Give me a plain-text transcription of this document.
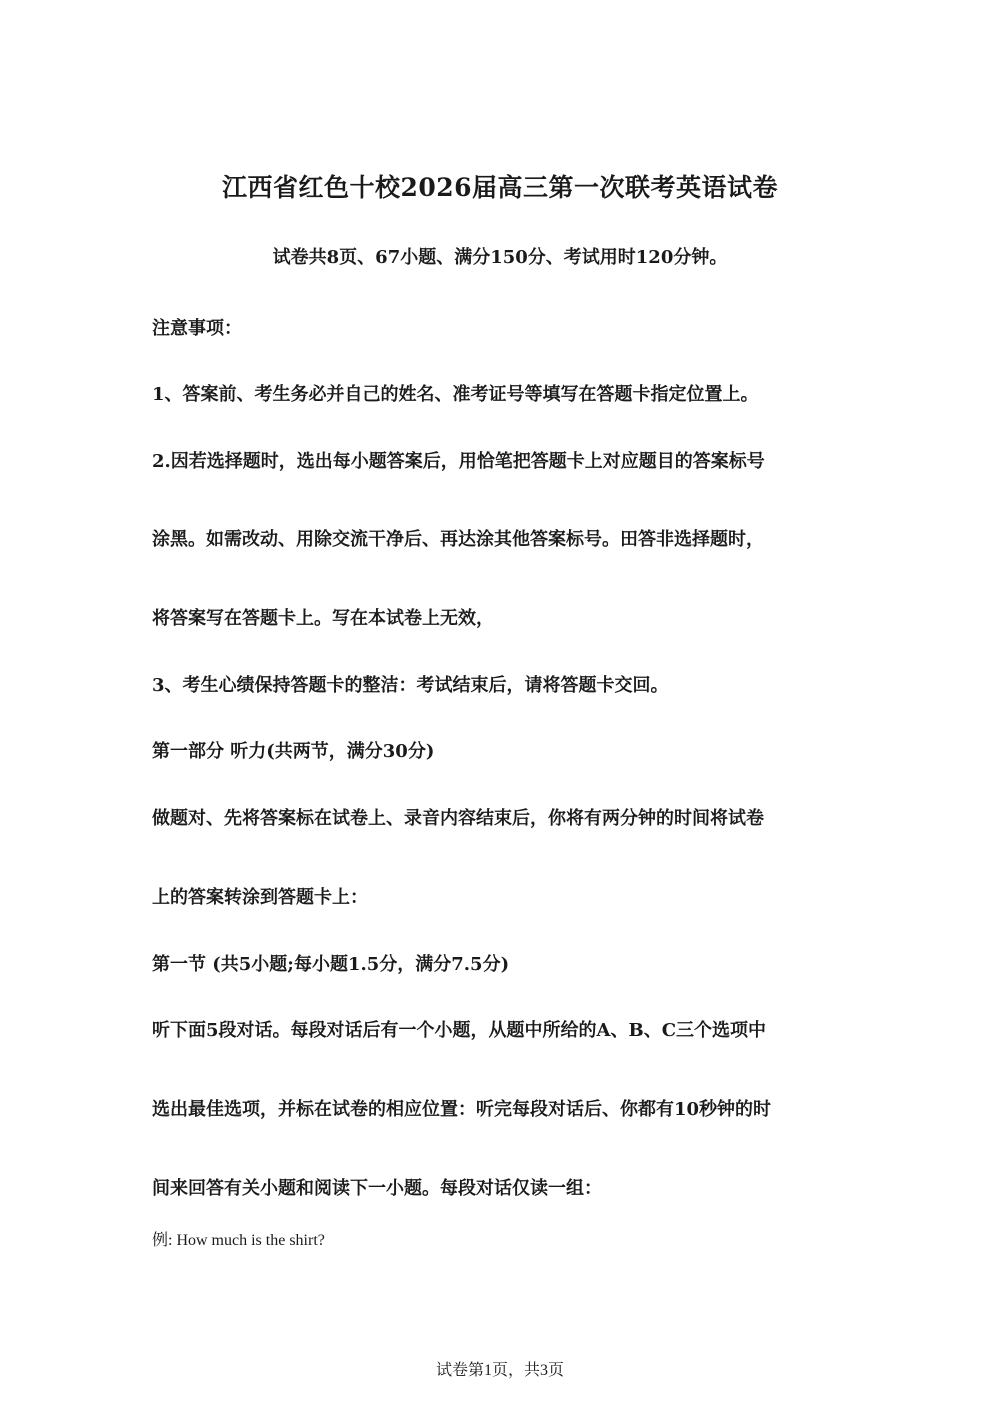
江西省红色十校2026届高三第一次联考英语试卷
试卷共8页、67小题、满分150分、考试用时120分钟。
注意事项：
1、答案前、考生务必并自己的姓名、准考证号等填写在答题卡指定位置上。
2.因若选择题时，选出每小题答案后，用恰笔把答题卡上对应题目的答案标号
涂黑。如需改动、用除交流干净后、再达涂其他答案标号。田答非选择题时，
将答案写在答题卡上。写在本试卷上无效，
3、考生心绩保持答题卡的整洁：考试结束后，请将答题卡交回。
第一部分 听力(共两节，满分30分)
做题对、先将答案标在试卷上、录音内容结束后，你将有两分钟的时间将试卷
上的答案转涂到答题卡上：
第一节 (共5小题;每小题1.5分，满分7.5分)
听下面5段对话。每段对话后有一个小题，从题中所给的A、B、C三个选项中
选出最佳选项，并标在试卷的相应位置：听完每段对话后、你都有10秒钟的时
间来回答有关小题和阅读下一小题。每段对话仅读一组：
例: How much is the shirt?
试卷第1页，共3页
